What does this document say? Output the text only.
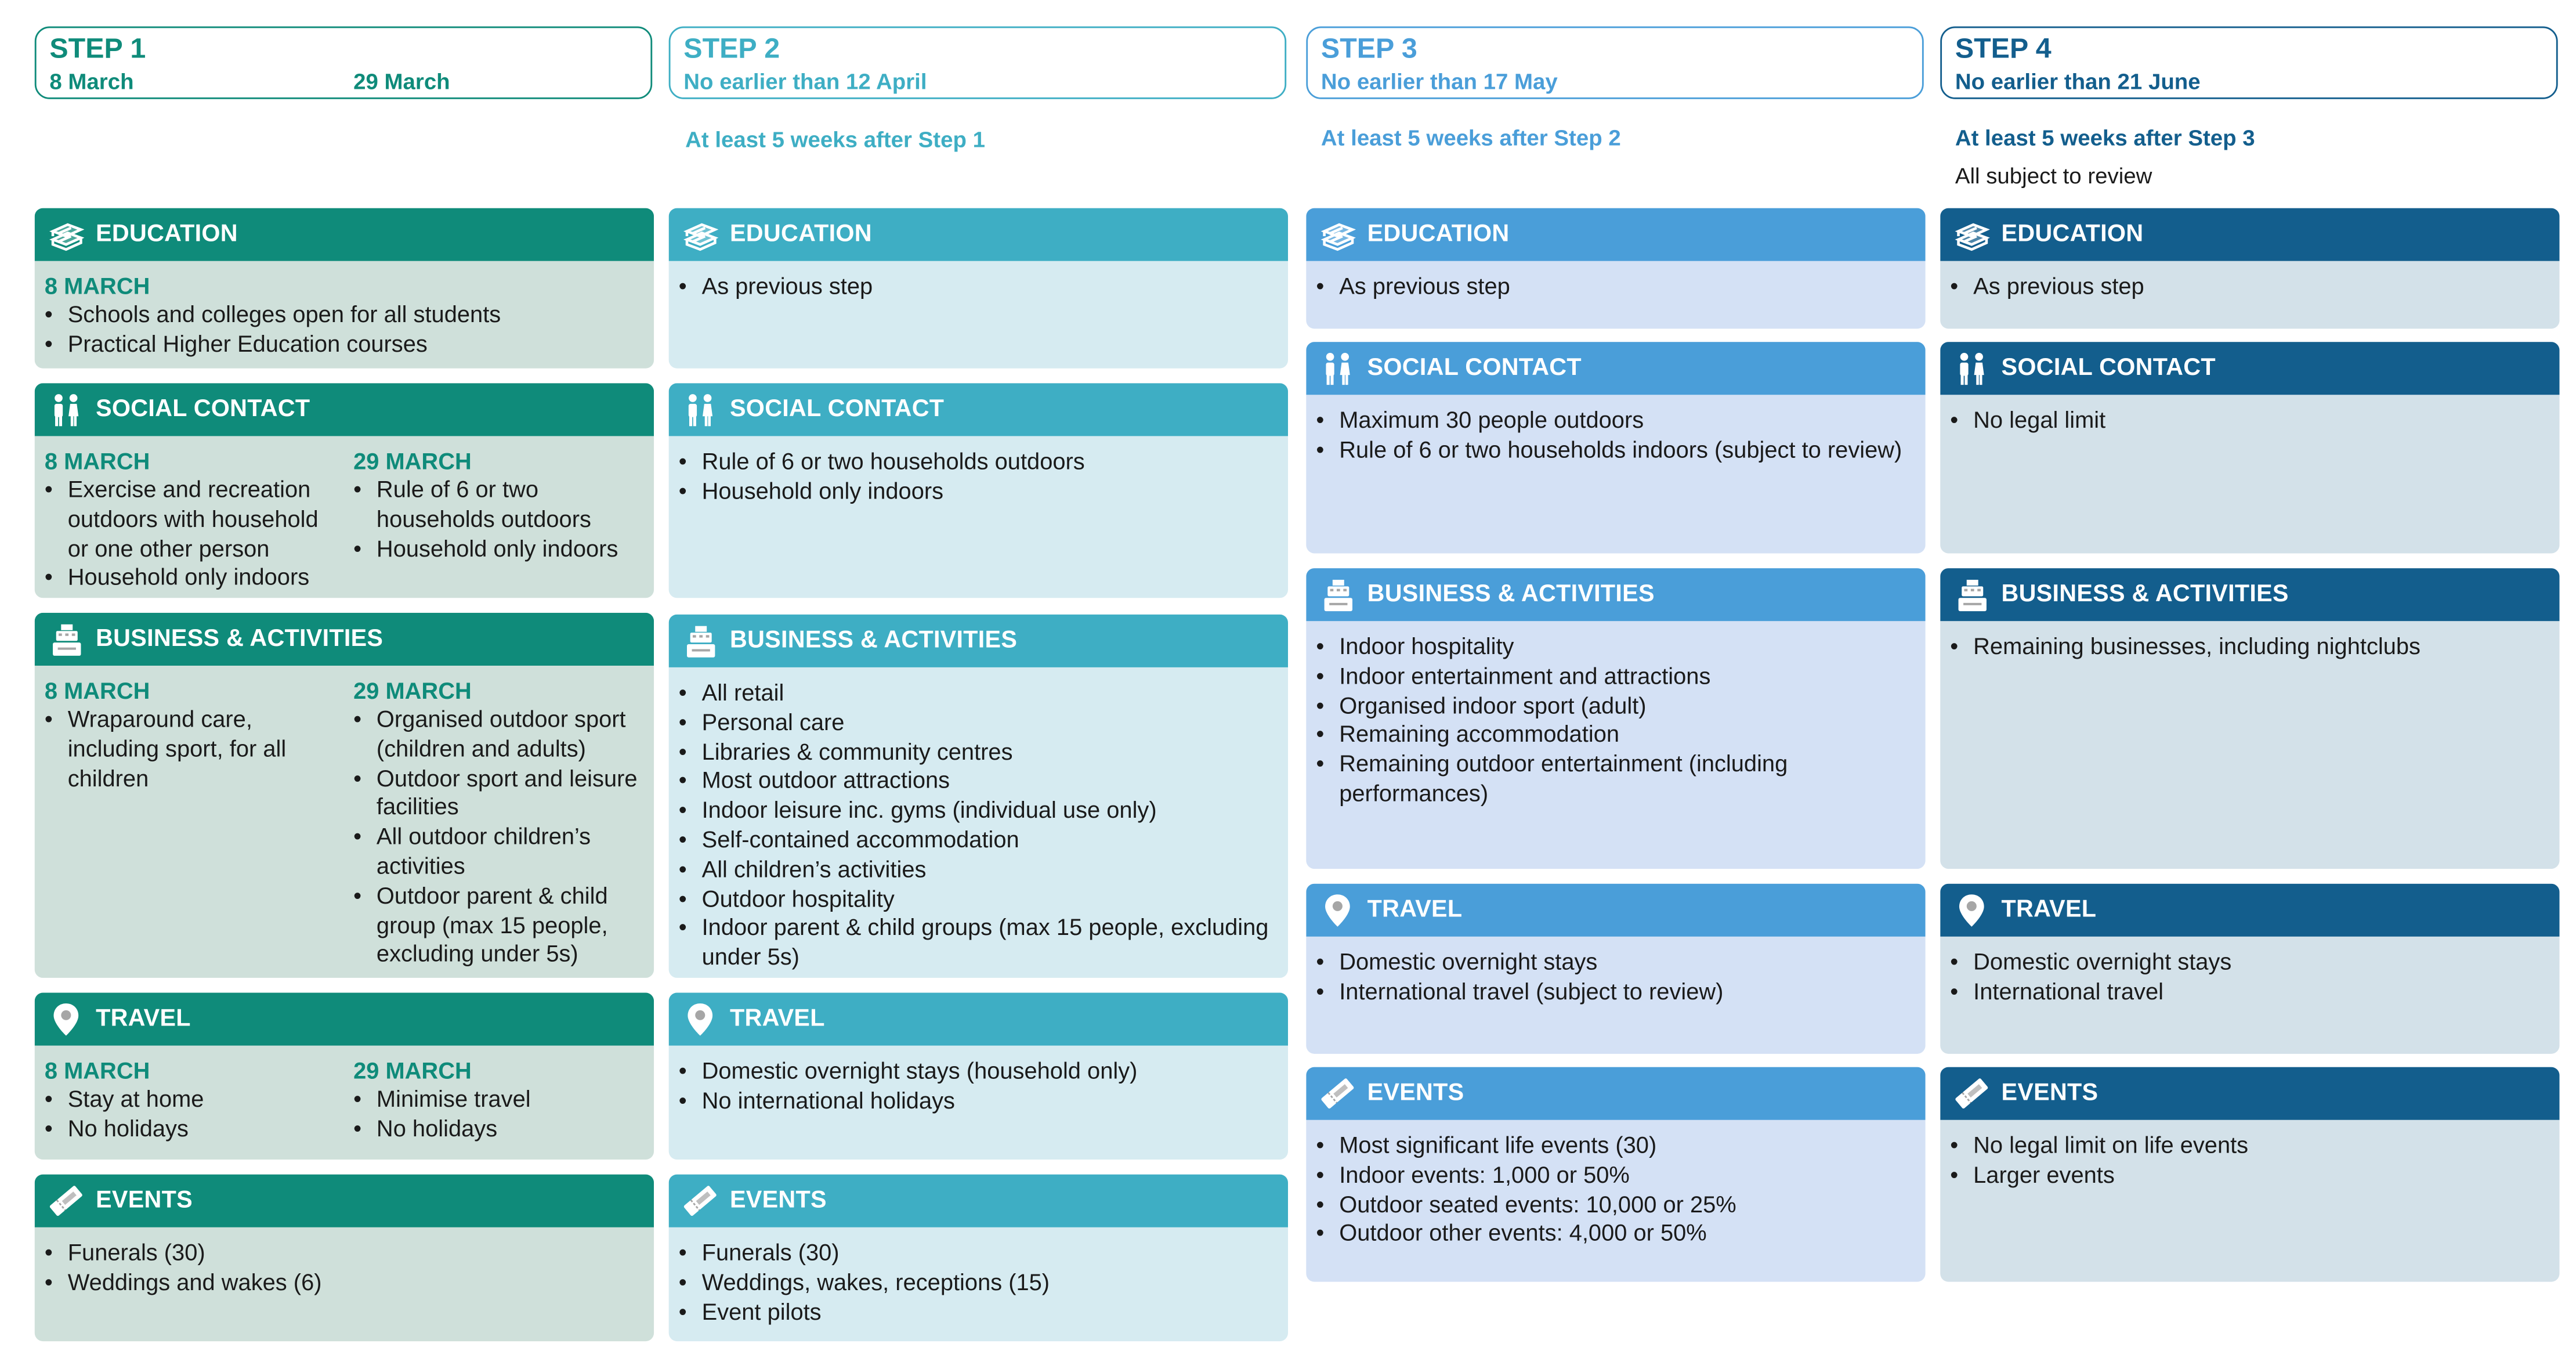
STEP 1
8 March	29 March
EDUCATION
8 MARCH
• Schools and colleges open for all students
• Practical Higher Education courses
SOCIAL CONTACT
8 MARCH
• Exercise and recreation outdoors with household or one other person
• Household only indoors
29 MARCH
• Rule of 6 or two households outdoors
• Household only indoors
BUSINESS & ACTIVITIES
8 MARCH
• Wraparound care, including sport, for all children
29 MARCH
• Organised outdoor sport (children and adults)
• Outdoor sport and leisure facilities
• All outdoor children’s activities
• Outdoor parent & child group (max 15 people, excluding under 5s)
TRAVEL
8 MARCH
• Stay at home
• No holidays
29 MARCH
• Minimise travel
• No holidays
EVENTS
• Funerals (30)
• Weddings and wakes (6)
STEP 2
No earlier than 12 April
At least 5 weeks after Step 1
EDUCATION
• As previous step
SOCIAL CONTACT
• Rule of 6 or two households outdoors
• Household only indoors
BUSINESS & ACTIVITIES
• All retail
• Personal care
• Libraries & community centres
• Most outdoor attractions
• Indoor leisure inc. gyms (individual use only)
• Self-contained accommodation
• All children’s activities
• Outdoor hospitality
• Indoor parent & child groups (max 15 people, excluding under 5s)
TRAVEL
• Domestic overnight stays (household only)
• No international holidays
EVENTS
• Funerals (30)
• Weddings, wakes, receptions (15)
• Event pilots
STEP 3
No earlier than 17 May
At least 5 weeks after Step 2
EDUCATION
• As previous step
SOCIAL CONTACT
• Maximum 30 people outdoors
• Rule of 6 or two households indoors (subject to review)
BUSINESS & ACTIVITIES
• Indoor hospitality
• Indoor entertainment and attractions
• Organised indoor sport (adult)
• Remaining accommodation
• Remaining outdoor entertainment (including performances)
TRAVEL
• Domestic overnight stays
• International travel (subject to review)
EVENTS
• Most significant life events (30)
• Indoor events: 1,000 or 50%
• Outdoor seated events: 10,000 or 25%
• Outdoor other events: 4,000 or 50%
STEP 4
No earlier than 21 June
At least 5 weeks after Step 3
All subject to review
EDUCATION
• As previous step
SOCIAL CONTACT
• No legal limit
BUSINESS & ACTIVITIES
• Remaining businesses, including nightclubs
TRAVEL
• Domestic overnight stays
• International travel
EVENTS
• No legal limit on life events
• Larger events
